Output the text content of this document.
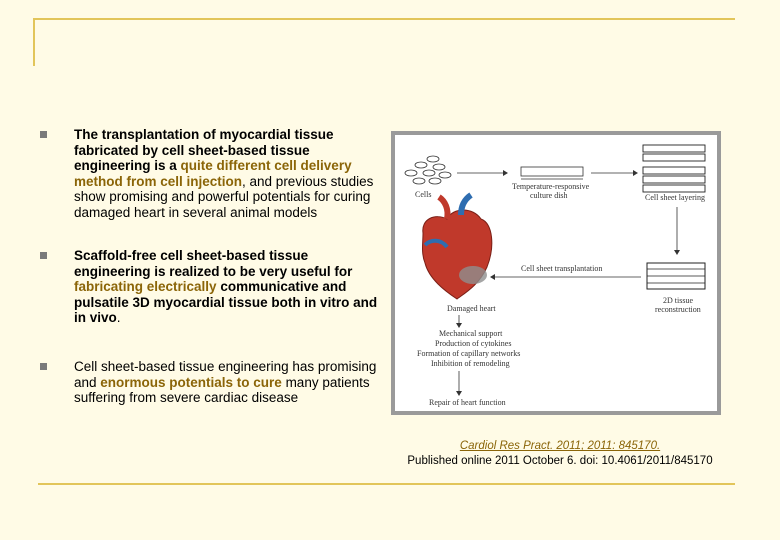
The transplantation of myocardial tissue fabricated by cell sheet-based tissue engineering is a quite different cell delivery method from cell injection, and previous studies show promising and powerful potentials for curing damaged heart in several animal models
Scaffold-free cell sheet-based tissue engineering is realized to be very useful for fabricating electrically communicative and pulsatile 3D myocardial tissue both in vitro and in vivo.
Cell sheet-based tissue engineering has promising and enormous potentials to cure many patients suffering from severe cardiac disease
Cells
Temperature-responsive
culture dish	Cell sheet layering
2D tissue
reconstruction
Cell sheet transplantation
Damaged heart
Mechanical support
Production of cytokines
Formation of capillary networks
Inhibition of remodeling
Repair of heart function
Cardiol Res Pract. 2011; 2011: 845170.
Published online 2011 October 6. doi: 10.4061/2011/845170
